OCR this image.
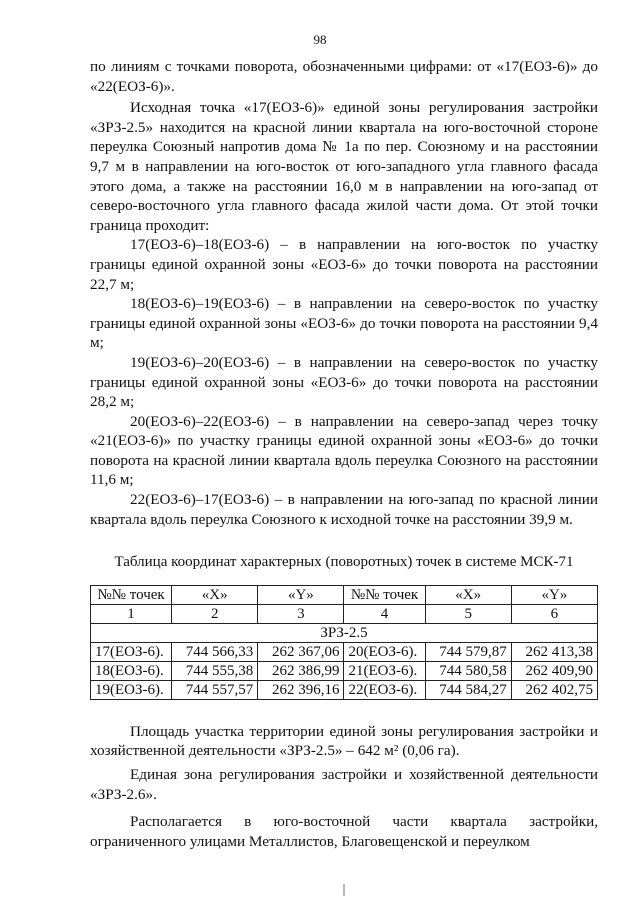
98

по линиям с точками поворота, обозначенными цифрами: от «17(ЕОЗ-6)» до «22(ЕОЗ-6)».

Исходная точка «17(ЕОЗ-6)» единой зоны регулирования застройки «ЗРЗ-2.5» находится на красной линии квартала на юго-восточной стороне переулка Союзный напротив дома № 1а по пер. Союзному и на расстоянии 9,7 м в направлении на юго-восток от юго-западного угла главного фасада этого дома, а также на расстоянии 16,0 м в направлении на юго-запад от северо-восточного угла главного фасада жилой части дома. От этой точки граница проходит:

17(ЕОЗ-6)–18(ЕОЗ-6) – в направлении на юго-восток по участку границы единой охранной зоны «ЕОЗ-6» до точки поворота на расстоянии 22,7 м;

18(ЕОЗ-6)–19(ЕОЗ-6) – в направлении на северо-восток по участку границы единой охранной зоны «ЕОЗ-6» до точки поворота на расстоянии 9,4 м;

19(ЕОЗ-6)–20(ЕОЗ-6) – в направлении на северо-восток по участку границы единой охранной зоны «ЕОЗ-6» до точки поворота на расстоянии 28,2 м;

20(ЕОЗ-6)–22(ЕОЗ-6) – в направлении на северо-запад через точку «21(ЕОЗ-6)» по участку границы единой охранной зоны «ЕОЗ-6» до точки поворота на красной линии квартала вдоль переулка Союзного на расстоянии 11,6 м;

22(ЕОЗ-6)–17(ЕОЗ-6) – в направлении на юго-запад по красной линии квартала вдоль переулка Союзного к исходной точке на расстоянии 39,9 м.

Таблица координат характерных (поворотных) точек в системе МСК-71
№№ точек	«Х»	«Y»	№№ точек	«Х»	«Y»
1	2	3	4	5	6
ЗРЗ-2.5					
17(ЕОЗ-6).	744 566,33	262 367,06	20(ЕОЗ-6).	744 579,87	262 413,38
18(ЕОЗ-6).	744 555,38	262 386,99	21(ЕОЗ-6).	744 580,58	262 409,90
19(ЕОЗ-6).	744 557,57	262 396,16	22(ЕОЗ-6).	744 584,27	262 402,75

Площадь участка территории единой зоны регулирования застройки и хозяйственной деятельности «ЗРЗ-2.5» – 642 м² (0,06 га).

Единая зона регулирования застройки и хозяйственной деятельности «ЗРЗ-2.6».

Располагается в юго-восточной части квартала застройки, ограниченного улицами Металлистов, Благовещенской и переулком
